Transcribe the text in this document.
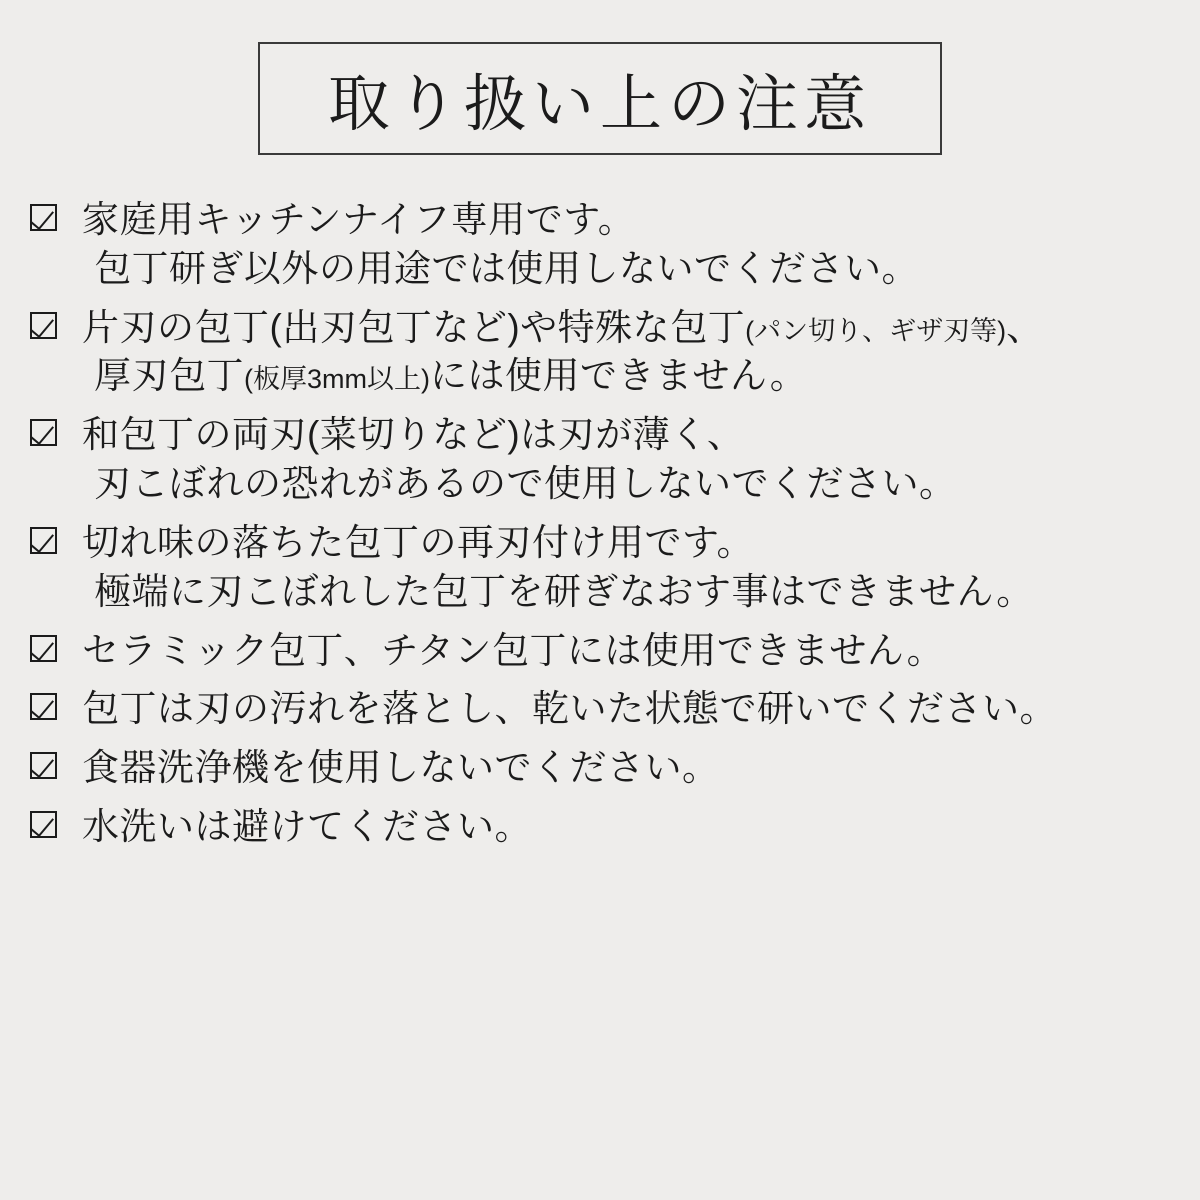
取り扱い上の注意
家庭用キッチンナイフ専用です。
包丁研ぎ以外の用途では使用しないでください。
片刃の包丁(出刃包丁など)や特殊な包丁(パン切り、ギザ刃等)、
厚刃包丁(板厚3mm以上)には使用できません。
和包丁の両刃(菜切りなど)は刃が薄く、
刃こぼれの恐れがあるので使用しないでください。
切れ味の落ちた包丁の再刃付け用です。
極端に刃こぼれした包丁を研ぎなおす事はできません。
セラミック包丁、チタン包丁には使用できません。
包丁は刃の汚れを落とし、乾いた状態で研いでください。
食器洗浄機を使用しないでください。
水洗いは避けてください。
